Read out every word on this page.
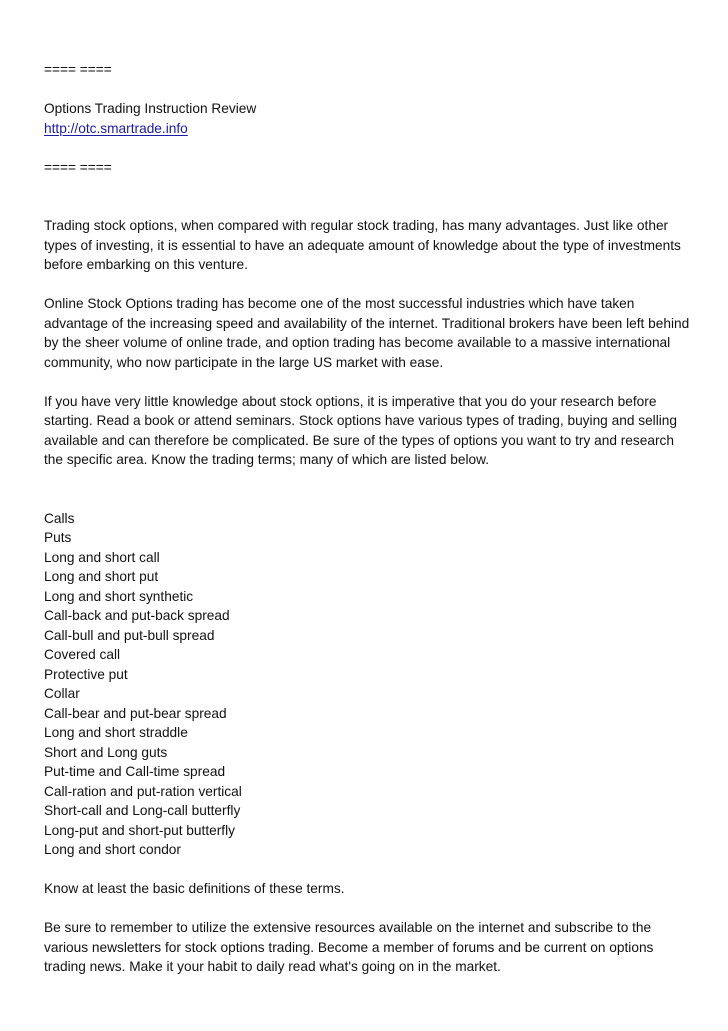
==== ====
Options Trading Instruction Review
http://otc.smartrade.info
==== ====

Trading stock options, when compared with regular stock trading, has many advantages. Just like other types of investing, it is essential to have an adequate amount of knowledge about the type of investments before embarking on this venture.

Online Stock Options trading has become one of the most successful industries which have taken advantage of the increasing speed and availability of the internet. Traditional brokers have been left behind by the sheer volume of online trade, and option trading has become available to a massive international community, who now participate in the large US market with ease.

If you have very little knowledge about stock options, it is imperative that you do your research before starting. Read a book or attend seminars. Stock options have various types of trading, buying and selling available and can therefore be complicated. Be sure of the types of options you want to try and research the specific area. Know the trading terms; many of which are listed below.

Calls
Puts
Long and short call
Long and short put
Long and short synthetic
Call-back and put-back spread
Call-bull and put-bull spread
Covered call
Protective put
Collar
Call-bear and put-bear spread
Long and short straddle
Short and Long guts
Put-time and Call-time spread
Call-ration and put-ration vertical
Short-call and Long-call butterfly
Long-put and short-put butterfly
Long and short condor

Know at least the basic definitions of these terms.

Be sure to remember to utilize the extensive resources available on the internet and subscribe to the various newsletters for stock options trading. Become a member of forums and be current on options trading news. Make it your habit to daily read what's going on in the market.
